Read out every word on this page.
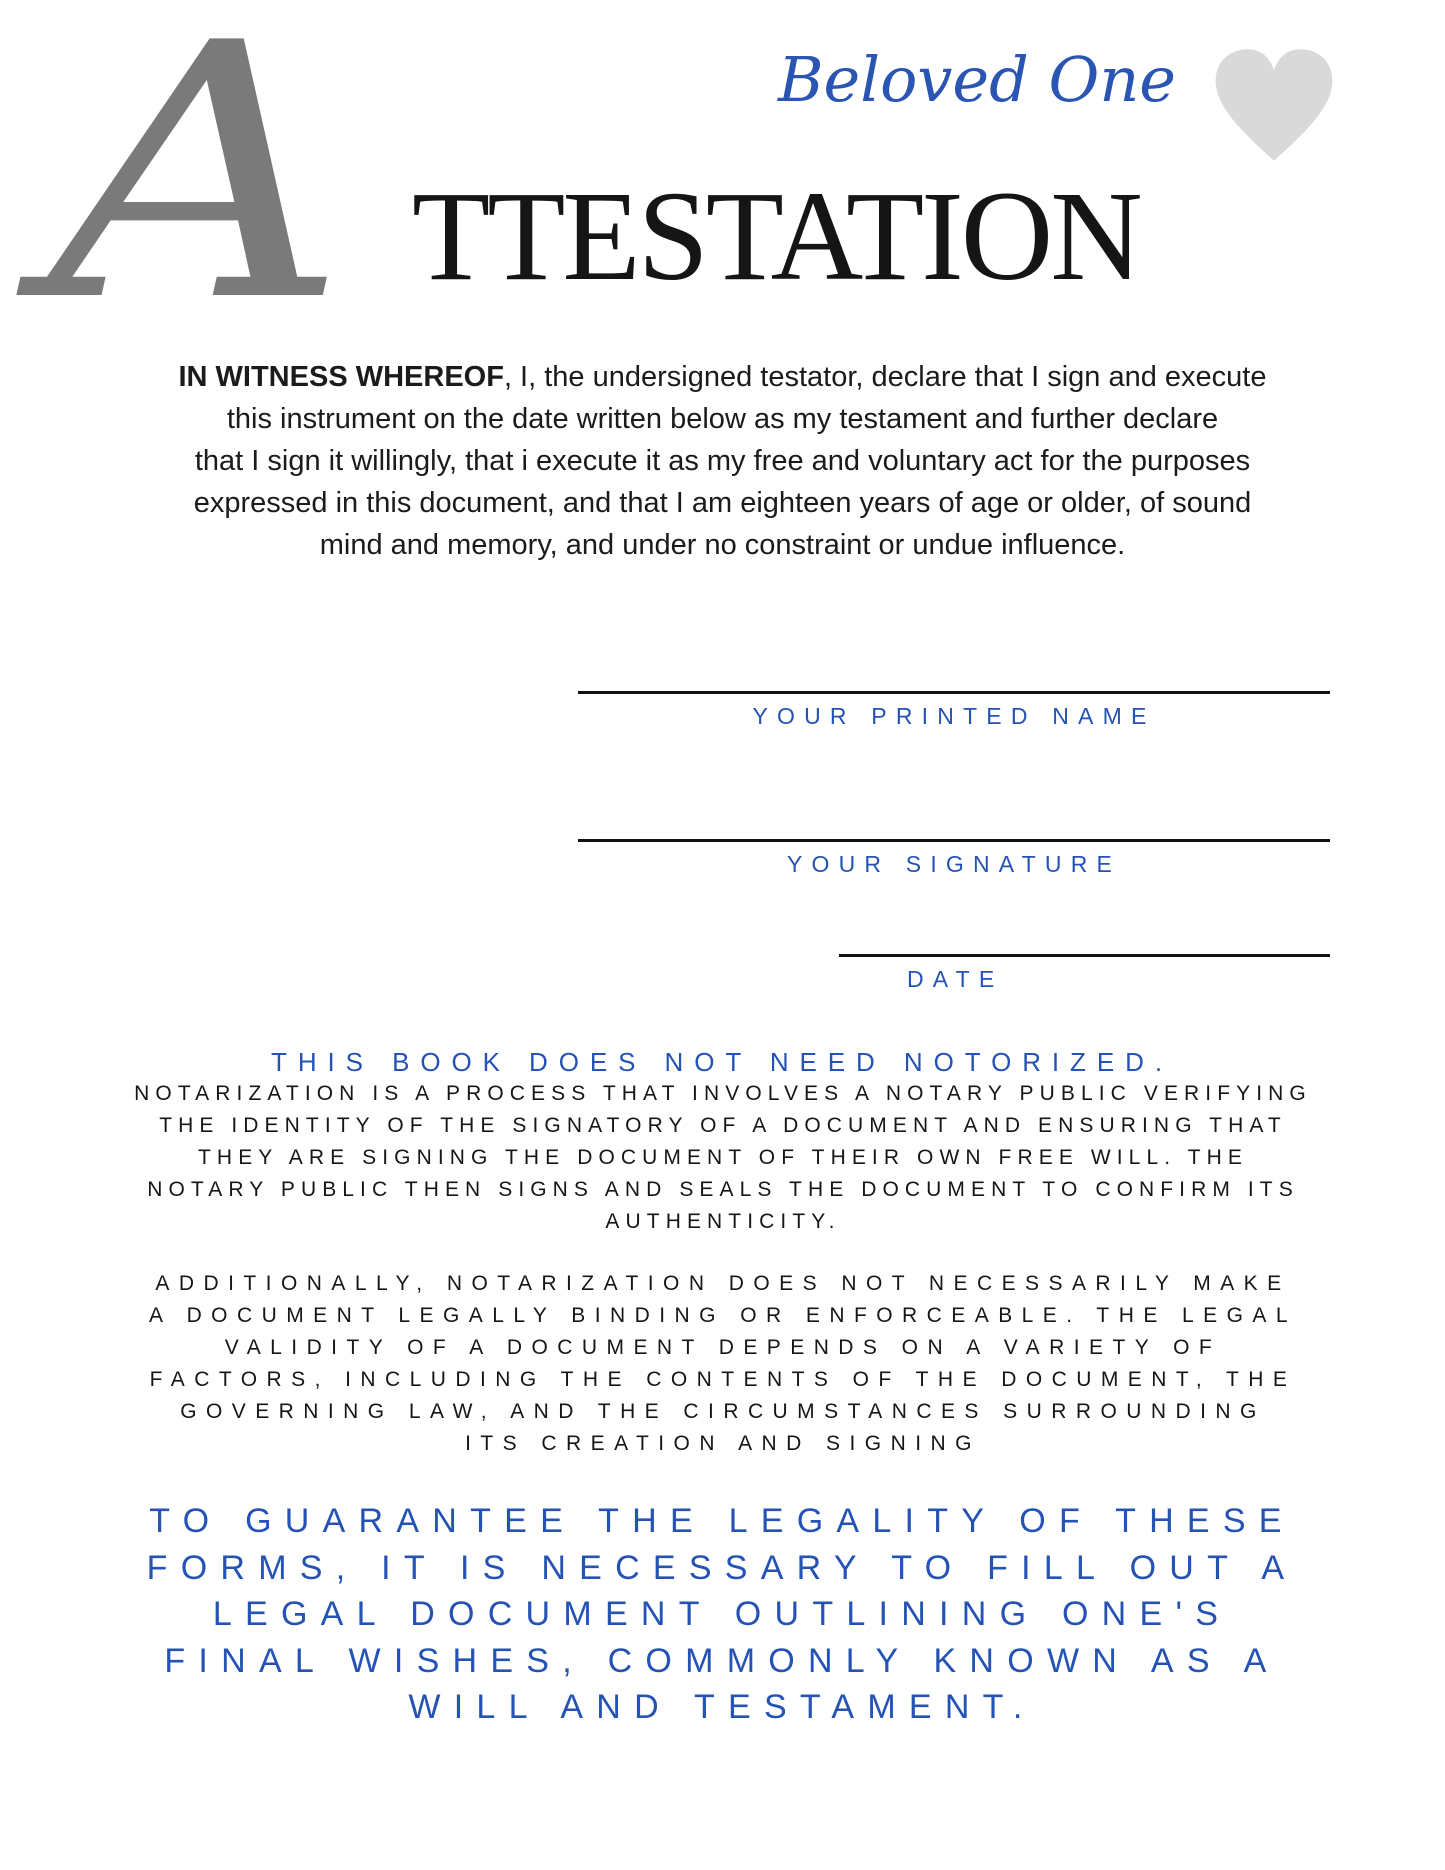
Beloved One
A TTESTATION
IN WITNESS WHEREOF, I, the undersigned testator, declare that I sign and execute
this instrument on the date written below as my testament and further declare
that I sign it willingly, that i execute it as my free and voluntary act for the purposes
expressed in this document, and that I am eighteen years of age or older, of sound
mind and memory, and under no constraint or undue influence.
YOUR PRINTED NAME
YOUR SIGNATURE
DATE
THIS BOOK DOES NOT NEED NOTORIZED.
NOTARIZATION IS A PROCESS THAT INVOLVES A NOTARY PUBLIC VERIFYING
THE IDENTITY OF THE SIGNATORY OF A DOCUMENT AND ENSURING THAT
THEY ARE SIGNING THE DOCUMENT OF THEIR OWN FREE WILL. THE
NOTARY PUBLIC THEN SIGNS AND SEALS THE DOCUMENT TO CONFIRM ITS
AUTHENTICITY.
ADDITIONALLY, NOTARIZATION DOES NOT NECESSARILY MAKE
A DOCUMENT LEGALLY BINDING OR ENFORCEABLE. THE LEGAL
VALIDITY OF A DOCUMENT DEPENDS ON A VARIETY OF
FACTORS, INCLUDING THE CONTENTS OF THE DOCUMENT, THE
GOVERNING LAW, AND THE CIRCUMSTANCES SURROUNDING
ITS CREATION AND SIGNING
TO GUARANTEE THE LEGALITY OF THESE
FORMS, IT IS NECESSARY TO FILL OUT A
LEGAL DOCUMENT OUTLINING ONE'S
FINAL WISHES, COMMONLY KNOWN AS A
WILL AND TESTAMENT.
